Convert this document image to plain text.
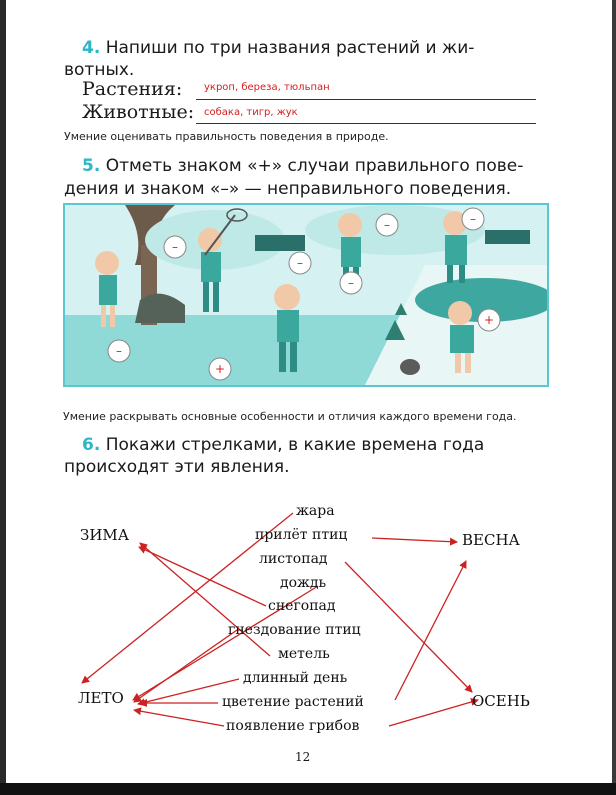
4. Напиши по три названия растений и жи-
вотных.
Растения: укроп, береза, тюльпан
Животные: собака, тигр, жук
Умение оценивать правильность поведения в природе.
5. Отметь знаком «+» случаи правильного пове-
дения и знаком «–» — неправильного поведения.
–
–
–
–
–
–
+
+
Умение раскрывать основные особенности и отличия каждого времени года.
6. Покажи стрелками, в какие времена года
происходят эти явления.
ЗИМА	ВЕСНА
ЛЕТО	ОСЕНЬ
жара
прилёт птиц
листопад
дождь
снегопад
гнездование птиц
метель
длинный день
цветение растений
появление грибов
12
